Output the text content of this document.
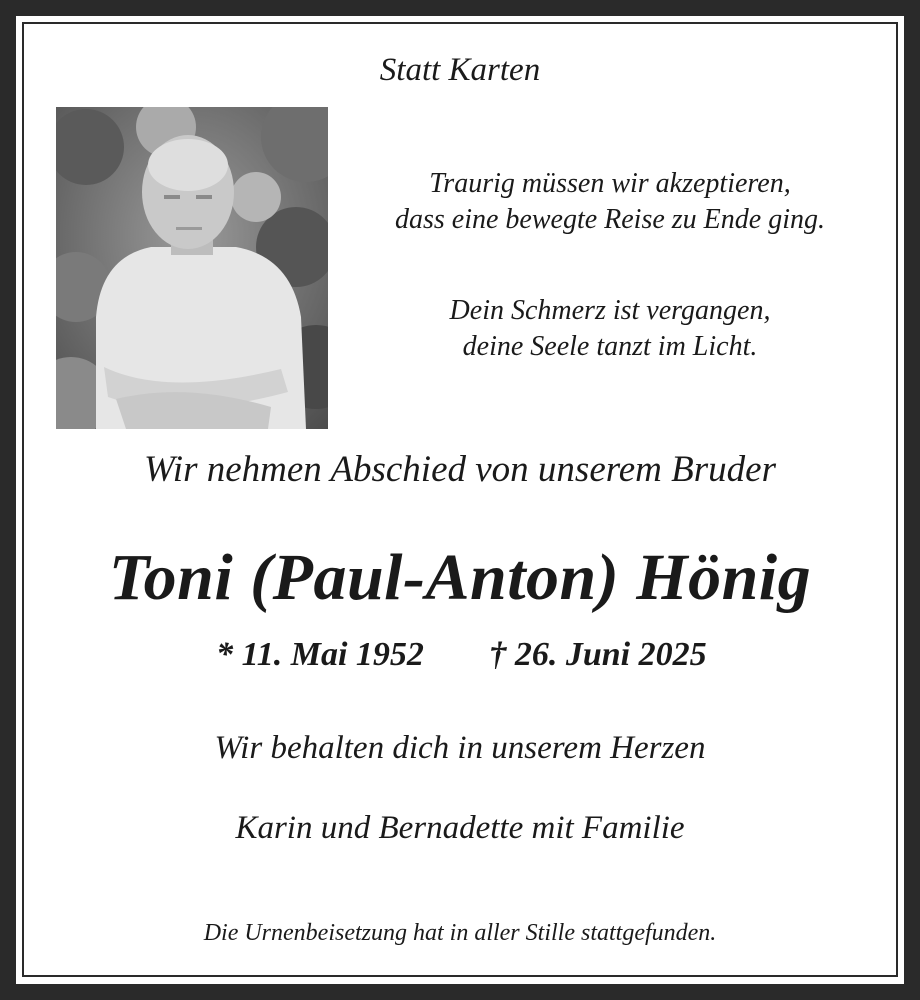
Statt Karten
Traurig müssen wir akzeptieren,
dass eine bewegte Reise zu Ende ging.
Dein Schmerz ist vergangen,
deine Seele tanzt im Licht.
Wir nehmen Abschied von unserem Bruder
Toni (Paul-Anton) Hönig
* 11. Mai 1952	† 26. Juni 2025
Wir behalten dich in unserem Herzen
Karin und Bernadette mit Familie
Die Urnenbeisetzung hat in aller Stille stattgefunden.
